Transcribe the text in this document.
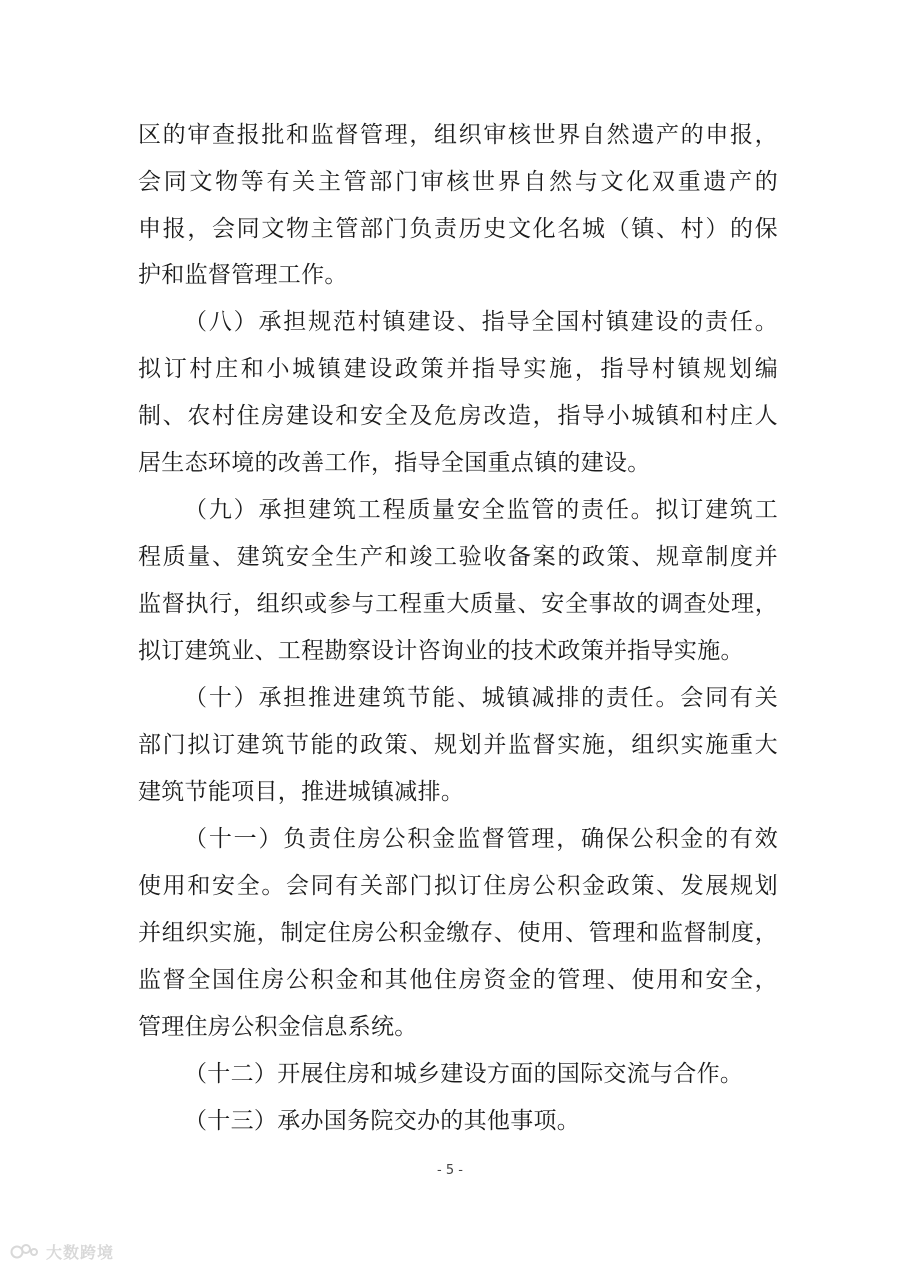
区的审查报批和监督管理，组织审核世界自然遗产的申报，
会同文物等有关主管部门审核世界自然与文化双重遗产的
申报，会同文物主管部门负责历史文化名城（镇、村）的保
护和监督管理工作。
（八）承担规范村镇建设、指导全国村镇建设的责任。
拟订村庄和小城镇建设政策并指导实施，指导村镇规划编
制、农村住房建设和安全及危房改造，指导小城镇和村庄人
居生态环境的改善工作，指导全国重点镇的建设。
（九）承担建筑工程质量安全监管的责任。拟订建筑工
程质量、建筑安全生产和竣工验收备案的政策、规章制度并
监督执行，组织或参与工程重大质量、安全事故的调查处理，
拟订建筑业、工程勘察设计咨询业的技术政策并指导实施。
（十）承担推进建筑节能、城镇减排的责任。会同有关
部门拟订建筑节能的政策、规划并监督实施，组织实施重大
建筑节能项目，推进城镇减排。
（十一）负责住房公积金监督管理，确保公积金的有效
使用和安全。会同有关部门拟订住房公积金政策、发展规划
并组织实施，制定住房公积金缴存、使用、管理和监督制度，
监督全国住房公积金和其他住房资金的管理、使用和安全，
管理住房公积金信息系统。
（十二）开展住房和城乡建设方面的国际交流与合作。
（十三）承办国务院交办的其他事项。
- 5 -
大数跨境
